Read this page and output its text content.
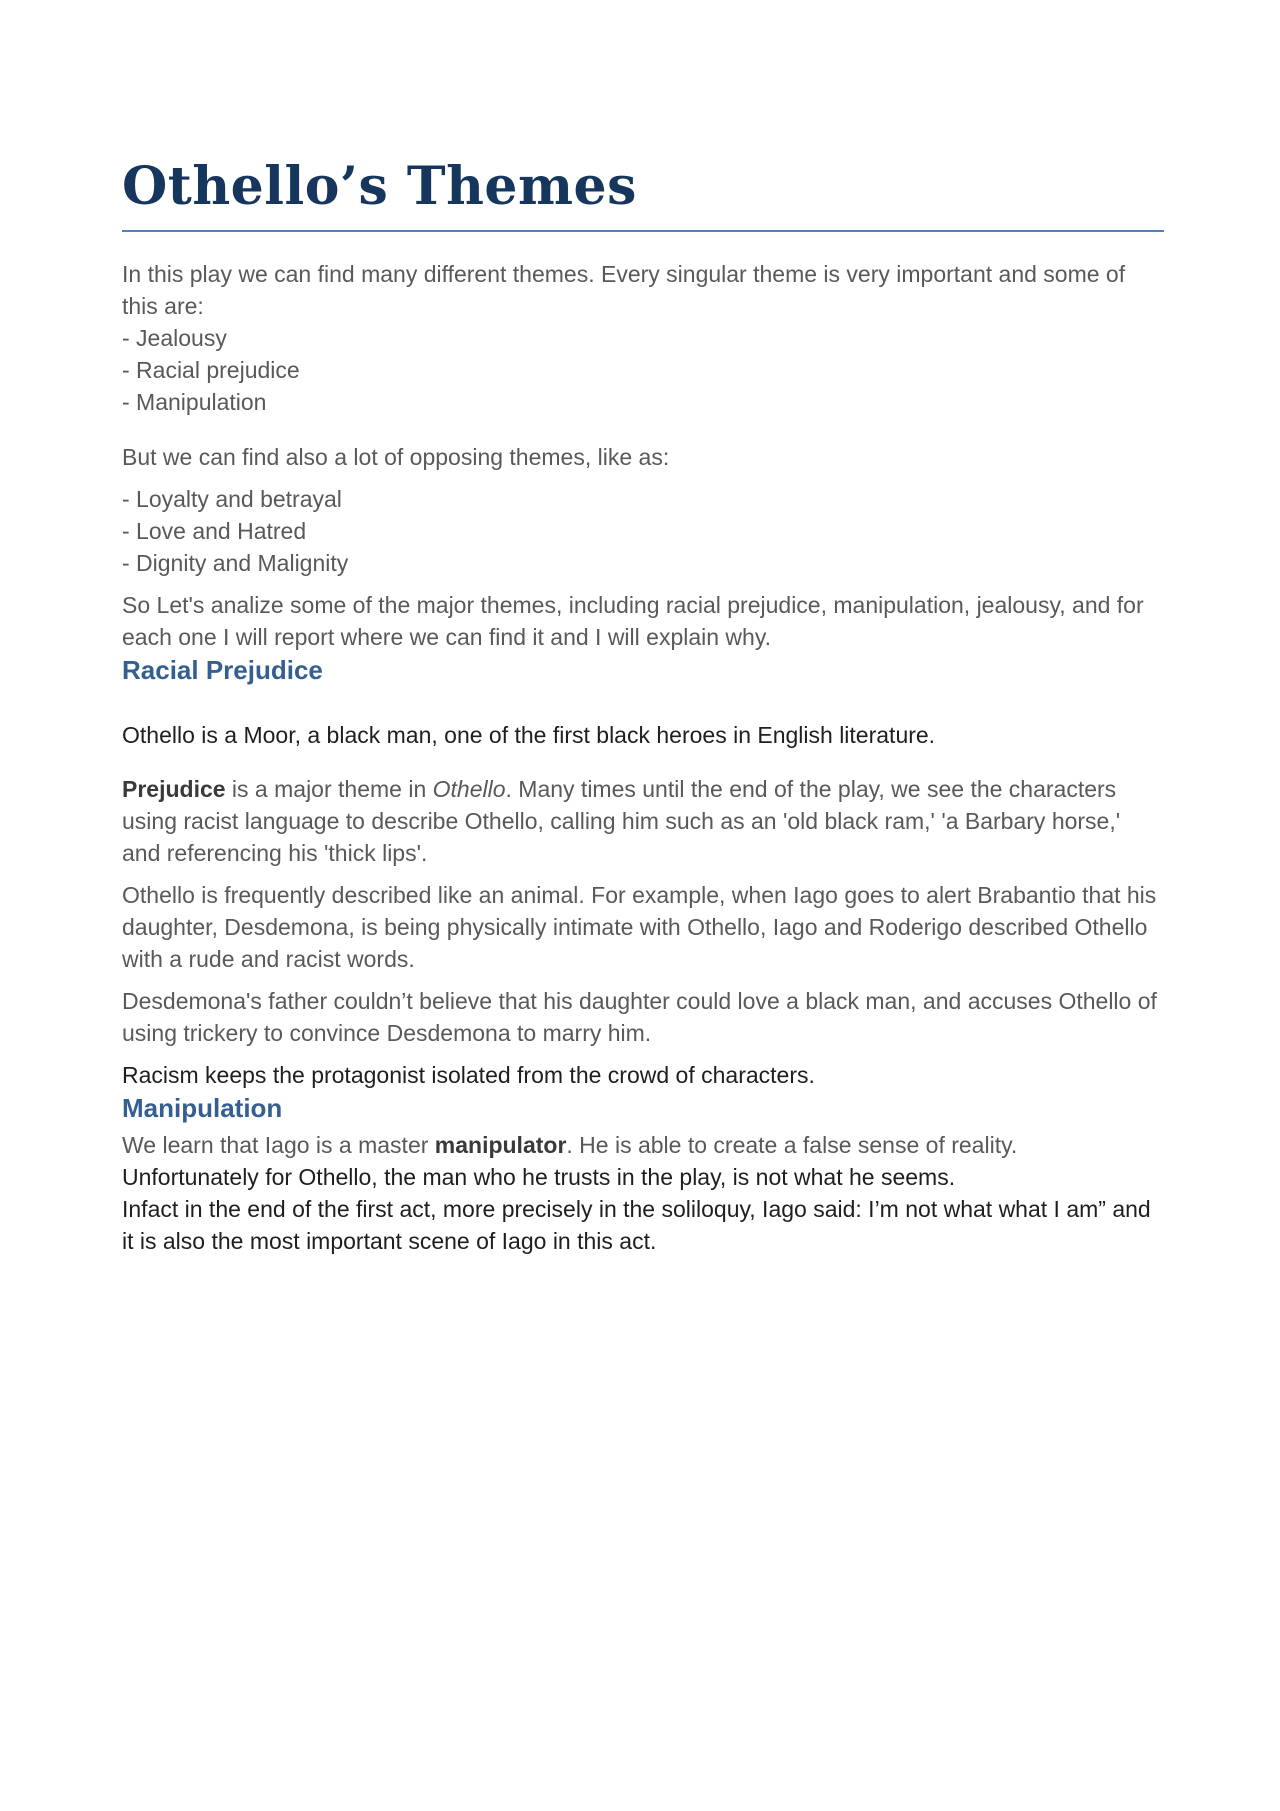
Othello’s Themes

In this play we can find many different themes. Every singular theme is very important and some of this are:

- Jealousy
- Racial prejudice
- Manipulation

But we can find also a lot of opposing themes, like as:

- Loyalty and betrayal
- Love and Hatred
- Dignity and Malignity

So Let's analize some of the major themes, including racial prejudice, manipulation, jealousy, and for each one I will report where we can find it and I will explain why.

Racial Prejudice

Othello is a Moor, a black man, one of the first black heroes in English literature.

Prejudice is a major theme in Othello. Many times until the end of the play, we see the characters using racist language to describe Othello, calling him such as an 'old black ram,' 'a Barbary horse,' and referencing his 'thick lips'.

Othello is frequently described like an animal. For example, when Iago goes to alert Brabantio that his daughter, Desdemona, is being physically intimate with Othello, Iago and Roderigo described Othello with a rude and racist words.

Desdemona's father couldn’t believe that his daughter could love a black man, and accuses Othello of using trickery to convince Desdemona to marry him.

Racism keeps the protagonist isolated from the crowd of characters.

Manipulation

We learn that Iago is a master manipulator. He is able to create a false sense of reality.

Unfortunately for Othello, the man who he trusts in the play, is not what he seems.

Infact in the end of the first act, more precisely in the soliloquy, Iago said: I’m not what what I am” and it is also the most important scene of Iago in this act.
